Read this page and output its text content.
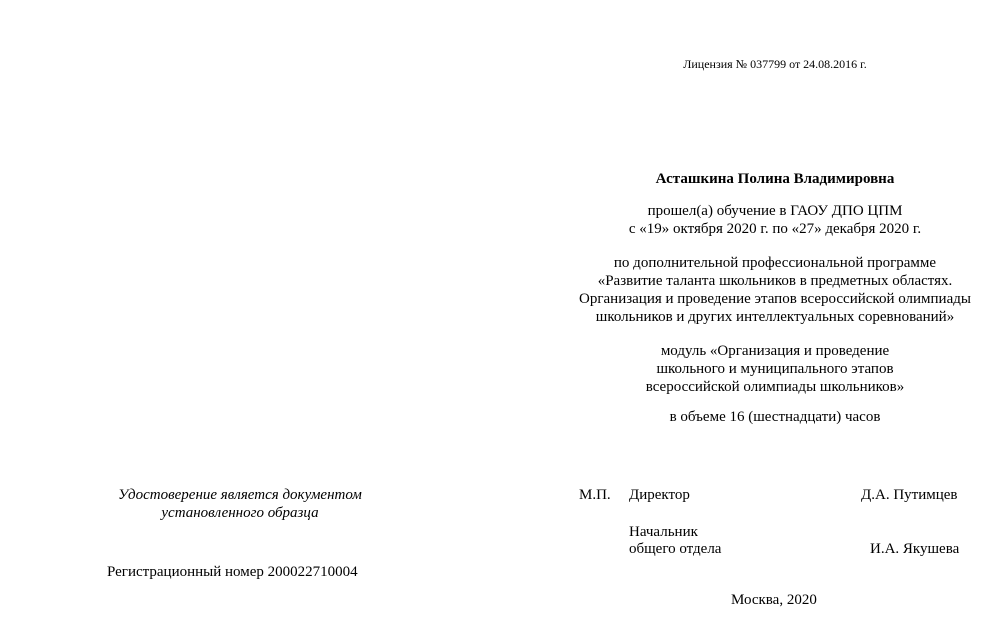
Лицензия № 037799 от 24.08.2016 г.
Асташкина Полина Владимировна
прошел(а) обучение в ГАОУ ДПО ЦПМ
с «19» октября 2020 г. по «27» декабря 2020 г.
по дополнительной профессиональной программе
«Развитие таланта школьников в предметных областях.
Организация и проведение этапов всероссийской олимпиады
школьников и других интеллектуальных соревнований»
модуль «Организация и проведение
школьного и муниципального этапов
всероссийской олимпиады школьников»
в объеме 16 (шестнадцати) часов
Удостоверение является документом
установленного образца
Регистрационный номер 200022710004
М.П. Директор	Д.А. Путимцев
Начальник
общего отдела	И.А. Якушева
Москва, 2020
